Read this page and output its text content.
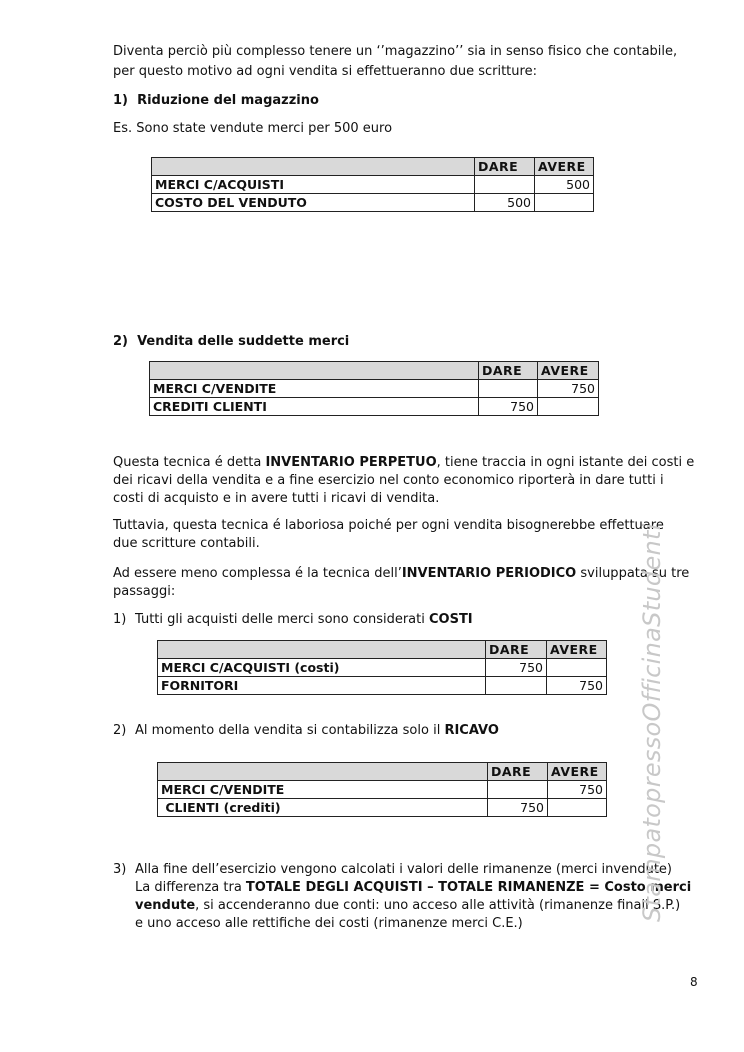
Diventa perciò più complesso tenere un ‘’magazzino’’ sia in senso fisico che contabile,
per questo motivo ad ogni vendita si effettueranno due scritture:
1) Riduzione del magazzino
Es. Sono state vendute merci per 500 euro
	DARE	AVERE
MERCI C/ACQUISTI		500
COSTO DEL VENDUTO	500	
2) Vendita delle suddette merci
	DARE	AVERE
MERCI C/VENDITE		750
CREDITI CLIENTI	750	
Questa tecnica é detta INVENTARIO PERPETUO, tiene traccia in ogni istante dei costi e
dei ricavi della vendita e a fine esercizio nel conto economico riporterà in dare tutti i
costi di acquisto e in avere tutti i ricavi di vendita.
Tuttavia, questa tecnica é laboriosa poiché per ogni vendita bisognerebbe effettuare
due scritture contabili.
Ad essere meno complessa é la tecnica dell’INVENTARIO PERIODICO sviluppata su tre
passaggi:
1) Tutti gli acquisti delle merci sono considerati COSTI
	DARE	AVERE
MERCI C/ACQUISTI (costi)	750	
FORNITORI		750
2) Al momento della vendita si contabilizza solo il RICAVO
	DARE	AVERE
MERCI C/VENDITE		750
CLIENTI (crediti)	750	
3) Alla fine dell’esercizio vengono calcolati i valori delle rimanenze (merci invendute)
La differenza tra TOTALE DEGLI ACQUISTI – TOTALE RIMANENZE = Costo merci
vendute, si accenderanno due conti: uno acceso alle attività (rimanenze finali S.P.)
e uno acceso alle rettifiche dei costi (rimanenze merci C.E.)
StampatopressoOfficinaStudenti
8
